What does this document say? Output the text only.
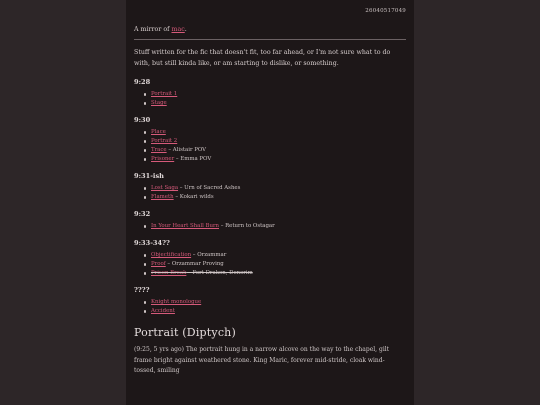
26040517049
A mirror of mac.
Stuff written for the fic that doesn't fit, too far ahead, or I'm not sure what to do with, but still kinda like, or am starting to dislike, or something.
9:28
Portrait 1
Stage
9:30
Place
Portrait 2
Trace – Alistair POV
Prisoner – Emma POV
9:31-ish
Lost Saga – Urn of Sacred Ashes
Flameth – Kokari wilds
9:32
In Your Heart Shall Burn – Return to Ostagar
9:33-34??
Objectification – Orzammar
Proof – Orzammar Proving
Prison Break – Fort Drakon, Denerim
????
Knight monologue
Accident
Portrait (Diptych)
(9:25, 5 yrs ago) The portrait hung in a narrow alcove on the way to the chapel, gilt frame bright against weathered stone. King Maric, forever mid-stride, cloak wind-tossed, smiling
